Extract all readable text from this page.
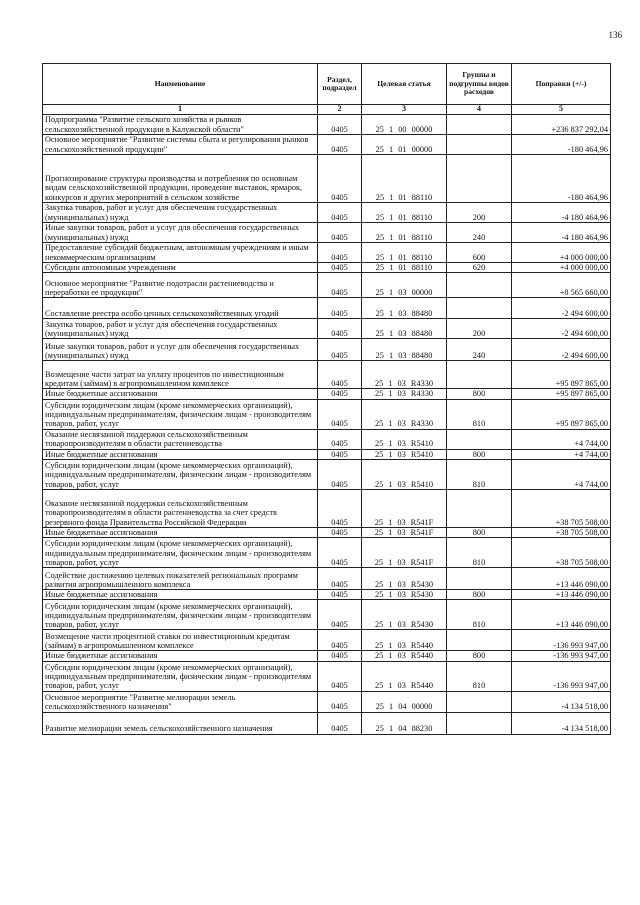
136
Наименование	Раздел, подраздел	Целевая статья	Группы и подгруппы видов расходов	Поправки (+/-)
1	2	3	4	5
Подпрограмма "Развитие сельского хозяйства и рынков сельскохозяйственной продукции в Калужской области"	0405	25 1 00 00000		+236 837 292,04
Основное мероприятие "Развитие системы сбыта и регулирования рынков сельскохозяйственной продукции"	0405	25 1 01 00000		-180 464,96
Прогнозирование структуры производства и потребления по основным видам сельскохозяйственной продукции, проведение выставок, ярмарок, конкурсов и других мероприятий в сельском хозяйстве	0405	25 1 01 88110		-180 464,96
Закупка товаров, работ и услуг для обеспечения государственных (муниципальных) нужд	0405	25 1 01 88110	200	-4 180 464,96
Иные закупки товаров, работ и услуг для обеспечения государственных (муниципальных) нужд	0405	25 1 01 88110	240	-4 180 464,96
Предоставление субсидий бюджетным, автономным учреждениям и иным некоммерческим организациям	0405	25 1 01 88110	600	+4 000 000,00
Субсидии автономным учреждениям	0405	25 1 01 88110	620	+4 000 000,00
Основное мероприятие "Развитие подотрасли растениеводства и переработки ее продукции"	0405	25 1 03 00000		+8 565 660,00
Составление реестра особо ценных сельскохозяйственных угодий	0405	25 1 03 88480		-2 494 600,00
Закупка товаров, работ и услуг для обеспечения государственных (муниципальных) нужд	0405	25 1 03 88480	200	-2 494 600,00
Иные закупки товаров, работ и услуг для обеспечения государственных (муниципальных) нужд	0405	25 1 03 88480	240	-2 494 600,00
Возмещение части затрат на уплату процентов по инвестиционным кредитам (займам) в агропромышленном комплексе	0405	25 1 03 R4330		+95 897 865,00
Иные бюджетные ассигнования	0405	25 1 03 R4330	800	+95 897 865,00
Субсидии юридическим лицам (кроме некоммерческих организаций), индивидуальным предпринимателям, физическим лицам - производителям товаров, работ, услуг	0405	25 1 03 R4330	810	+95 897 865,00
Оказание несвязанной поддержки сельскохозяйственным товаропроизводителям в области растениеводства	0405	25 1 03 R5410		+4 744,00
Иные бюджетные ассигнования	0405	25 1 03 R5410	800	+4 744,00
Субсидии юридическим лицам (кроме некоммерческих организаций), индивидуальным предпринимателям, физическим лицам - производителям товаров, работ, услуг	0405	25 1 03 R5410	810	+4 744,00
Оказание несвязанной поддержки сельскохозяйственным товаропроизводителям в области растениеводства за счет средств резервного фонда Правительства Российской Федерации	0405	25 1 03 R541F		+38 705 508,00
Иные бюджетные ассигнования	0405	25 1 03 R541F	800	+38 705 508,00
Субсидии юридическим лицам (кроме некоммерческих организаций), индивидуальным предпринимателям, физическим лицам - производителям товаров, работ, услуг	0405	25 1 03 R541F	810	+38 705 508,00
Содействие достижению целевых показателей региональных программ развития агропромышленного комплекса	0405	25 1 03 R5430		+13 446 090,00
Иные бюджетные ассигнования	0405	25 1 03 R5430	800	+13 446 090,00
Субсидии юридическим лицам (кроме некоммерческих организаций), индивидуальным предпринимателям, физическим лицам - производителям товаров, работ, услуг	0405	25 1 03 R5430	810	+13 446 090,00
Возмещение части процентной ставки по инвестиционным кредитам (займам) в агропромышленном комплексе	0405	25 1 03 R5440		-136 993 947,00
Иные бюджетные ассигнования	0405	25 1 03 R5440	800	-136 993 947,00
Субсидии юридическим лицам (кроме некоммерческих организаций), индивидуальным предпринимателям, физическим лицам - производителям товаров, работ, услуг	0405	25 1 03 R5440	810	-136 993 947,00
Основное мероприятие "Развитие мелиорации земель сельскохозяйственного назначения"	0405	25 1 04 00000		-4 134 518,00
Развитие мелиорации земель сельскохозяйственного назначения	0405	25 1 04 88230		-4 134 518,00
